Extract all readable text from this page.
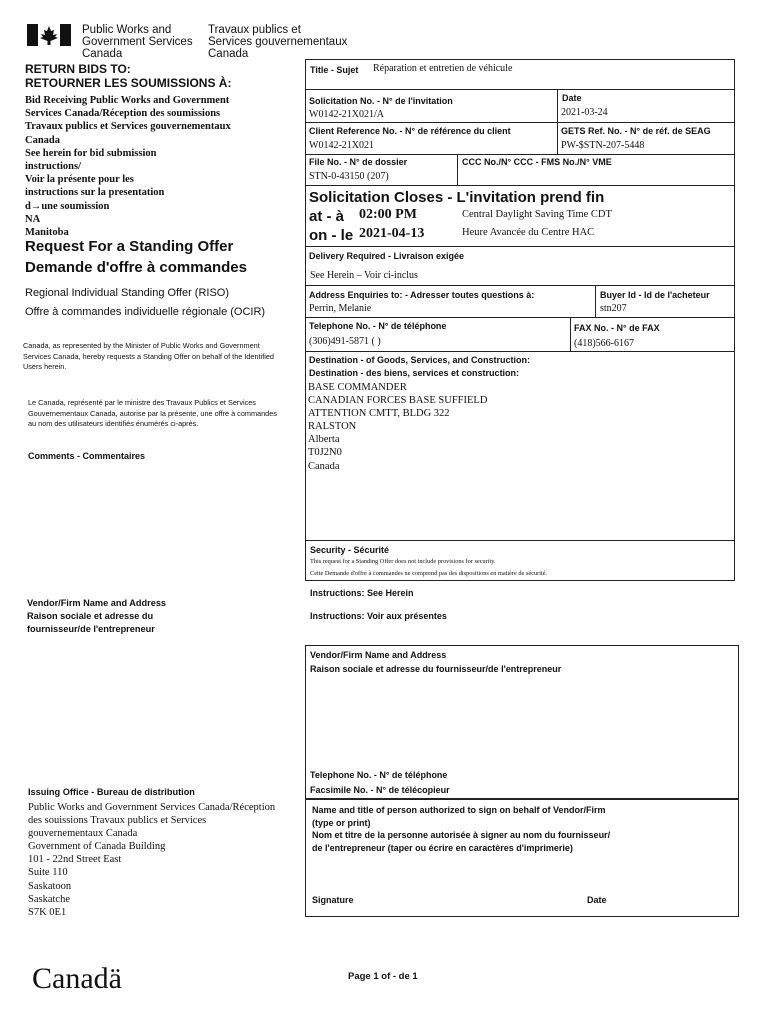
Public Works and
Government Services
Canada
Travaux publics et
Services gouvernementaux
Canada
RETURN BIDS TO:
RETOURNER LES SOUMISSIONS À:
Bid Receiving Public Works and Government
Services Canada/Réception des soumissions
Travaux publics et Services gouvernementaux
Canada
See herein for bid submission
instructions/
Voir la présente pour les
instructions sur la presentation
d→une soumission
NA
Manitoba
Request For a Standing Offer
Demande d'offre à commandes
Regional Individual Standing Offer (RISO)
Offre à commandes individuelle régionale (OCIR)
Canada, as represented by the Minister of Public Works and Government Services Canada, hereby requests a Standing Offer on behalf of the Identified Users herein.
Le Canada, représenté par le ministre des Travaux Publics et Services Gouvernementaux Canada, autorise par la présente, une offre à commandes au nom des utilisateurs identifiés énumérés ci-après.
Comments - Commentaires
Vendor/Firm Name and Address
Raison sociale et adresse du
fournisseur/de l'entrepreneur
Issuing Office - Bureau de distribution
Public Works and Government Services Canada/Réception
des souissions Travaux publics et Services
gouvernementaux Canada
Government of Canada Building
101 - 22nd Street East
Suite 110
Saskatoon
Saskatche
S7K 0E1
Title - Sujet Réparation et entretien de véhicule
Solicitation No. - N° de l'invitation
W0142-21X021/A
Date
2021-03-24
Client Reference No. - N° de référence du client
W0142-21X021
GETS Ref. No. - N° de réf. de SEAG
PW-$STN-207-5448
File No. - N° de dossier
STN-0-43150 (207)
CCC No./N° CCC - FMS No./N° VME
Solicitation Closes - L'invitation prend fin
at - à 02:00 PM
on - le 2021-04-13
Central Daylight Saving Time CDT
Heure Avancée du Centre HAC
Delivery Required - Livraison exigée
See Herein – Voir ci-inclus
Address Enquiries to: - Adresser toutes questions à:
Perrin, Melanie
Buyer Id - Id de l'acheteur
stn207
Telephone No. - N° de téléphone
(306)491-5871 ( )
FAX No. - N° de FAX
(418)566-6167
Destination - of Goods, Services, and Construction:
Destination - des biens, services et construction:
BASE COMMANDER
CANADIAN FORCES BASE SUFFIELD
ATTENTION CMTT, BLDG 322
RALSTON
Alberta
T0J2N0
Canada
Security - Sécurité
This request for a Standing Offer does not include provisions for security.
Cette Demande d'offre à commandes ne comprend pas des dispositions en matière de sécurité.
Instructions: See Herein
Instructions: Voir aux présentes
Vendor/Firm Name and Address
Raison sociale et adresse du fournisseur/de l'entrepreneur
Telephone No. - N° de téléphone
Facsimile No. - N° de télécopieur
Name and title of person authorized to sign on behalf of Vendor/Firm
(type or print)
Nom et titre de la personne autorisée à signer au nom du fournisseur/
de l'entrepreneur (taper ou écrire en caractères d'imprimerie)
Signature	Date
Canadä	Page 1 of - de 1
